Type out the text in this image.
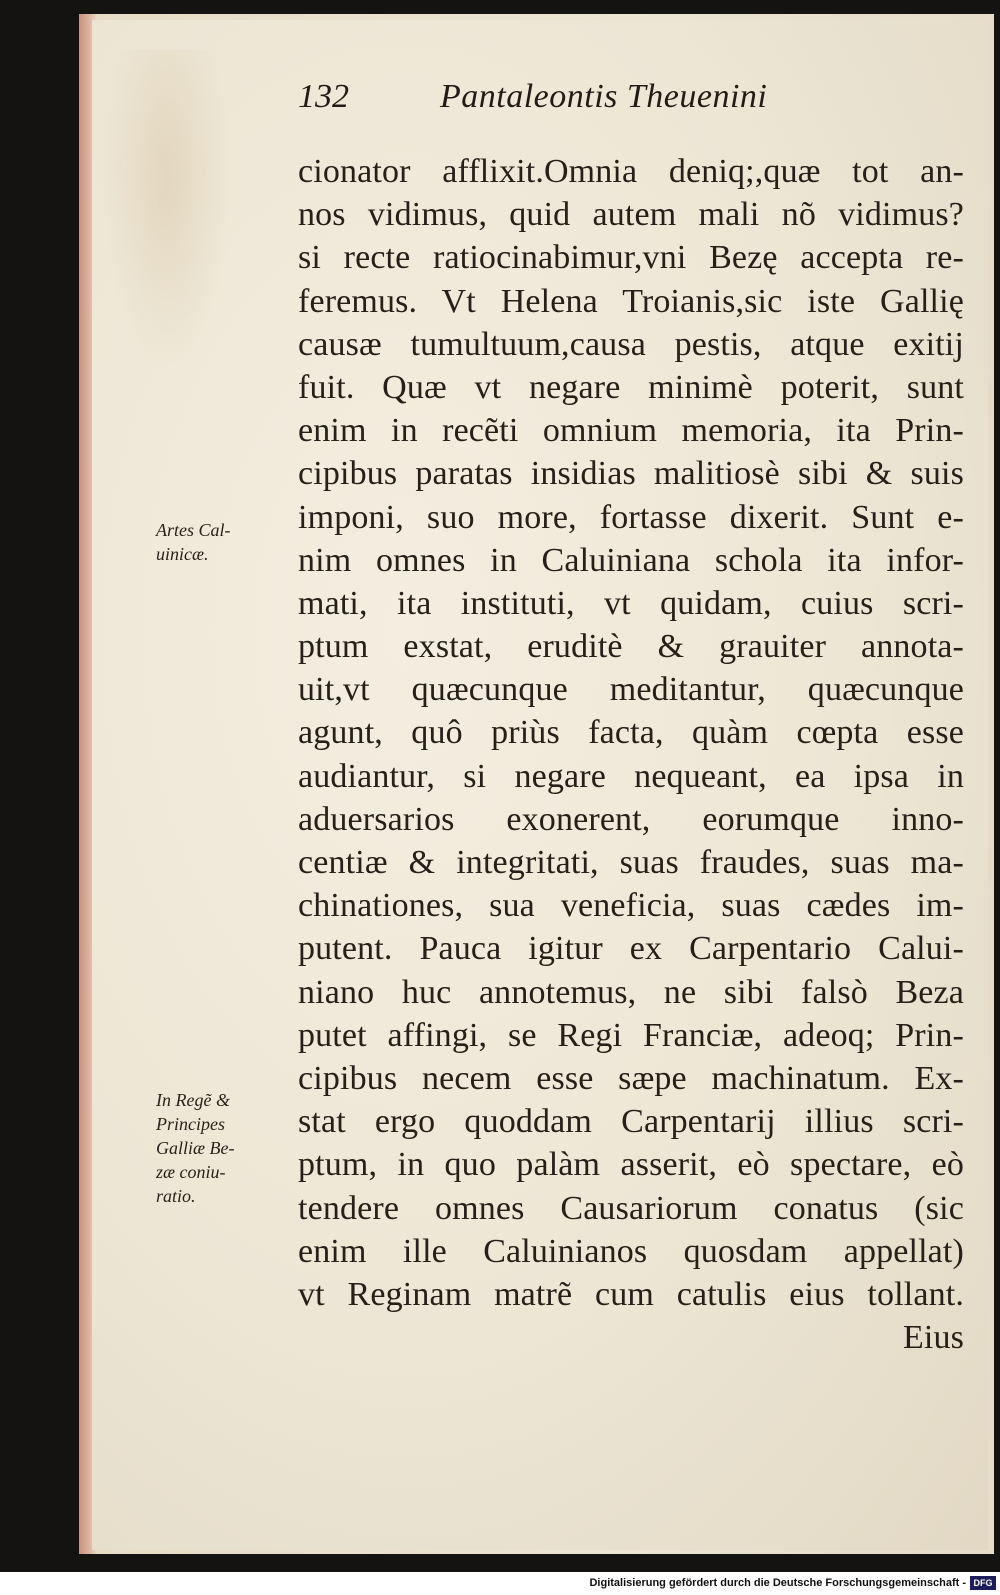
132	Pantaleontis Theuenini
Artes Cal-
uinicæ.
In Regẽ &
Principes
Galliæ Be-
zæ coniu-
ratio.
cionator afflixit.Omnia deniq;,quæ tot an-
nos vidimus, quid autem mali nõ vidimus?
si recte ratiocinabimur,vni Bezę accepta re-
feremus. Vt Helena Troianis,sic iste Gallię
causæ tumultuum,causa pestis, atque exitij
fuit. Quæ vt negare minimè poterit, sunt
enim in recẽti omnium memoria, ita Prin-
cipibus paratas insidias malitiosè sibi & suis
imponi, suo more, fortasse dixerit. Sunt e-
nim omnes in Caluiniana schola ita infor-
mati, ita instituti, vt quidam, cuius scri-
ptum exstat, eruditè & grauiter annota-
uit,vt quæcunque meditantur, quæcunque
agunt, quô priùs facta, quàm cœpta esse
audiantur, si negare nequeant, ea ipsa in
aduersarios exonerent, eorumque inno-
centiæ & integritati, suas fraudes, suas ma-
chinationes, sua veneficia, suas cædes im-
putent. Pauca igitur ex Carpentario Calui-
niano huc annotemus, ne sibi falsò Beza
putet affingi, se Regi Franciæ, adeoq; Prin-
cipibus necem esse sæpe machinatum. Ex-
stat ergo quoddam Carpentarij illius scri-
ptum, in quo palàm asserit, eò spectare, eò
tendere omnes Causariorum conatus (sic
enim ille Caluinianos quosdam appellat)
vt Reginam matrẽ cum catulis eius tollant.
Eius
Digitalisierung gefördert durch die Deutsche Forschungsgemeinschaft - DFG
